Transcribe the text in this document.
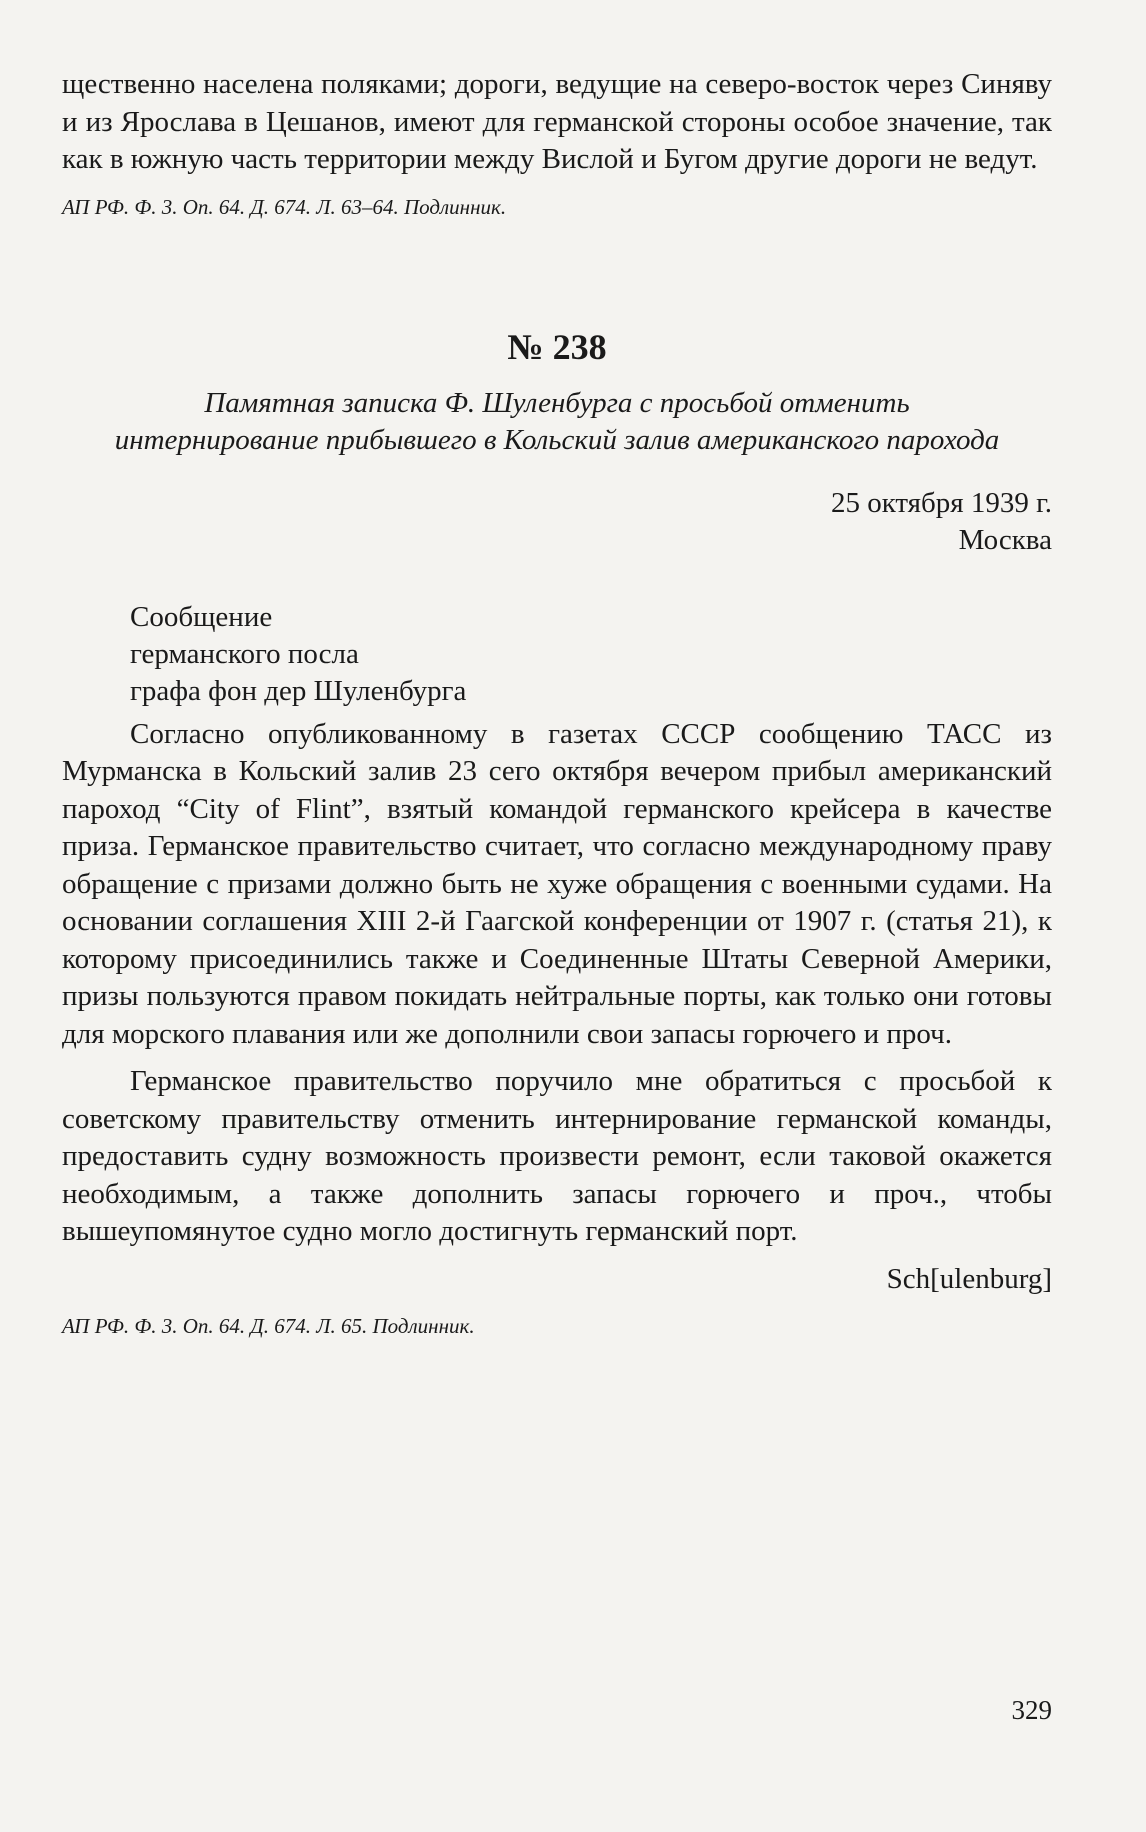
щественно населена поляками; дороги, ведущие на северо-восток через Синяву и из Ярослава в Цешанов, имеют для германской стороны особое значение, так как в южную часть территории между Вислой и Бугом другие дороги не ведут.

АП РФ. Ф. 3. Оп. 64. Д. 674. Л. 63–64. Подлинник.

№ 238
Памятная записка Ф. Шуленбурга с просьбой отменить интернирование прибывшего в Кольский залив американского парохода
25 октября 1939 г.
Москва
Сообщение
германского посла
графа фон дер Шуленбурга

Согласно опубликованному в газетах СССР сообщению ТАСС из Мурманска в Кольский залив 23 сего октября вечером прибыл американский пароход “City of Flint”, взятый командой германского крейсера в качестве приза. Германское правительство считает, что согласно международному праву обращение с призами должно быть не хуже обращения с военными судами. На основании соглашения XIII 2-й Гаагской конференции от 1907 г. (статья 21), к которому присоединились также и Соединенные Штаты Северной Америки, призы пользуются правом покидать нейтральные порты, как только они готовы для морского плавания или же дополнили свои запасы горючего и проч.

Германское правительство поручило мне обратиться с просьбой к советскому правительству отменить интернирование германской команды, предоставить судну возможность произвести ремонт, если таковой окажется необходимым, а также дополнить запасы горючего и проч., чтобы вышеупомянутое судно могло достигнуть германский порт.

Sch[ulenburg]

АП РФ. Ф. 3. Оп. 64. Д. 674. Л. 65. Подлинник.

329
